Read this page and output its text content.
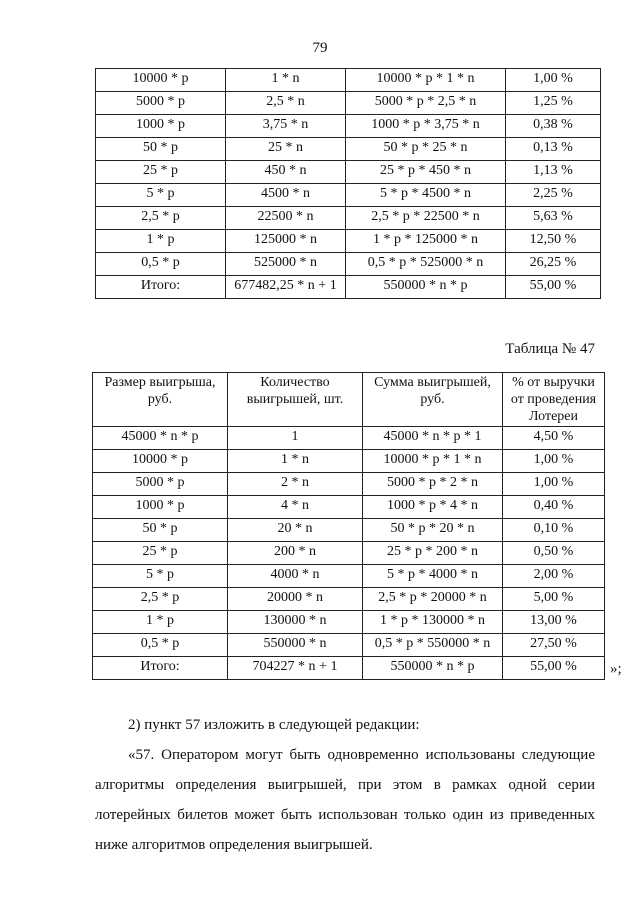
79
10000 * р	1 * n	10000 * р * 1 * n	1,00 %
5000 * р	2,5 * n	5000 * р * 2,5 * n	1,25 %
1000 * р	3,75 * n	1000 * р * 3,75 * n	0,38 %
50 * р	25 * n	50 * р * 25 * n	0,13 %
25 * р	450 * n	25 * р * 450 * n	1,13 %
5 * р	4500 * n	5 * р * 4500 * n	2,25 %
2,5 * р	22500 * n	2,5 * р * 22500 * n	5,63 %
1 * р	125000 * n	1 * р * 125000 * n	12,50 %
0,5 * р	525000 * n	0,5 * р * 525000 * n	26,25 %
Итого:	677482,25 * n + 1	550000 * n * р	55,00 %
Таблица № 47
Размер выигрыша, руб.	Количество выигрышей, шт.	Сумма выигрышей, руб.	% от выручки от проведения Лотереи
45000 * n * р	1	45000 * n * р * 1	4,50 %
10000 * р	1 * n	10000 * р * 1 * n	1,00 %
5000 * р	2 * n	5000 * р * 2 * n	1,00 %
1000 * р	4 * n	1000 * р * 4 * n	0,40 %
50 * р	20 * n	50 * р * 20 * n	0,10 %
25 * р	200 * n	25 * р * 200 * n	0,50 %
5 * р	4000 * n	5 * р * 4000 * n	2,00 %
2,5 * р	20000 * n	2,5 * р * 20000 * n	5,00 %
1 * р	130000 * n	1 * р * 130000 * n	13,00 %
0,5 * р	550000 * n	0,5 * р * 550000 * n	27,50 %
Итого:	704227 * n + 1	550000 * n * р	55,00 % »;
2) пункт 57 изложить в следующей редакции:
«57. Оператором могут быть одновременно использованы следующие алгоритмы определения выигрышей, при этом в рамках одной серии лотерейных билетов может быть использован только один из приведенных ниже алгоритмов определения выигрышей.
